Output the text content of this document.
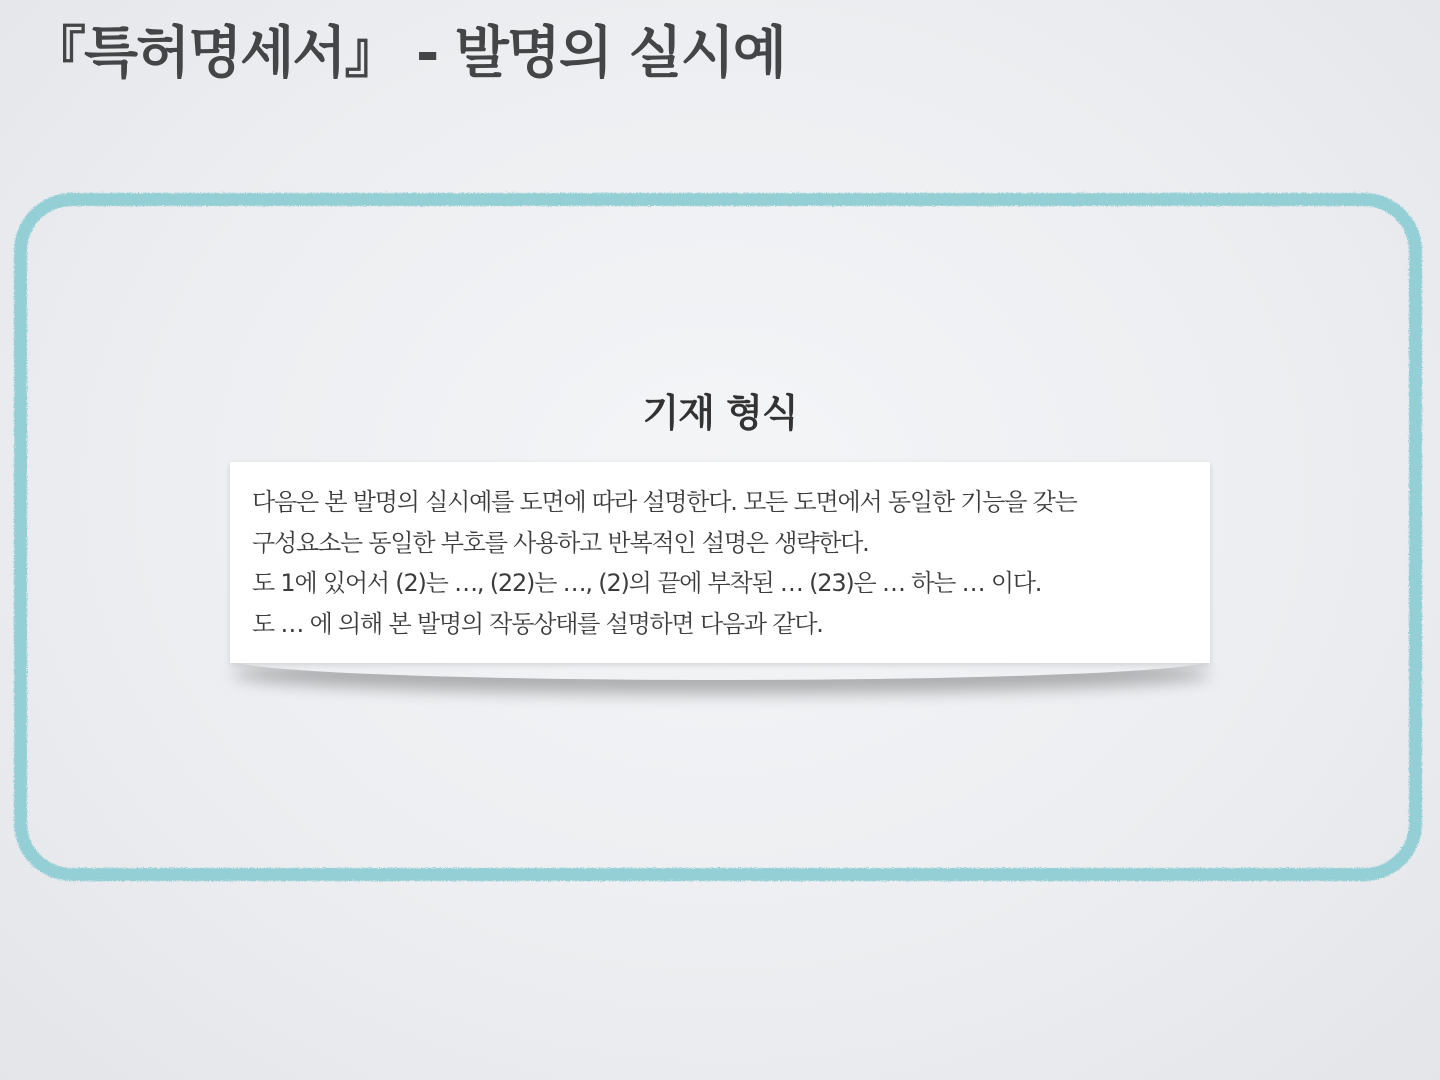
『특허명세서』 - 발명의 실시예
기재 형식
다음은 본 발명의 실시예를 도면에 따라 설명한다. 모든 도면에서 동일한 기능을 갖는
구성요소는 동일한 부호를 사용하고 반복적인 설명은 생략한다.
도 1에 있어서 (2)는 …, (22)는 …, (2)의 끝에 부착된 … (23)은 … 하는 … 이다.
도 … 에 의해 본 발명의 작동상태를 설명하면 다음과 같다.
